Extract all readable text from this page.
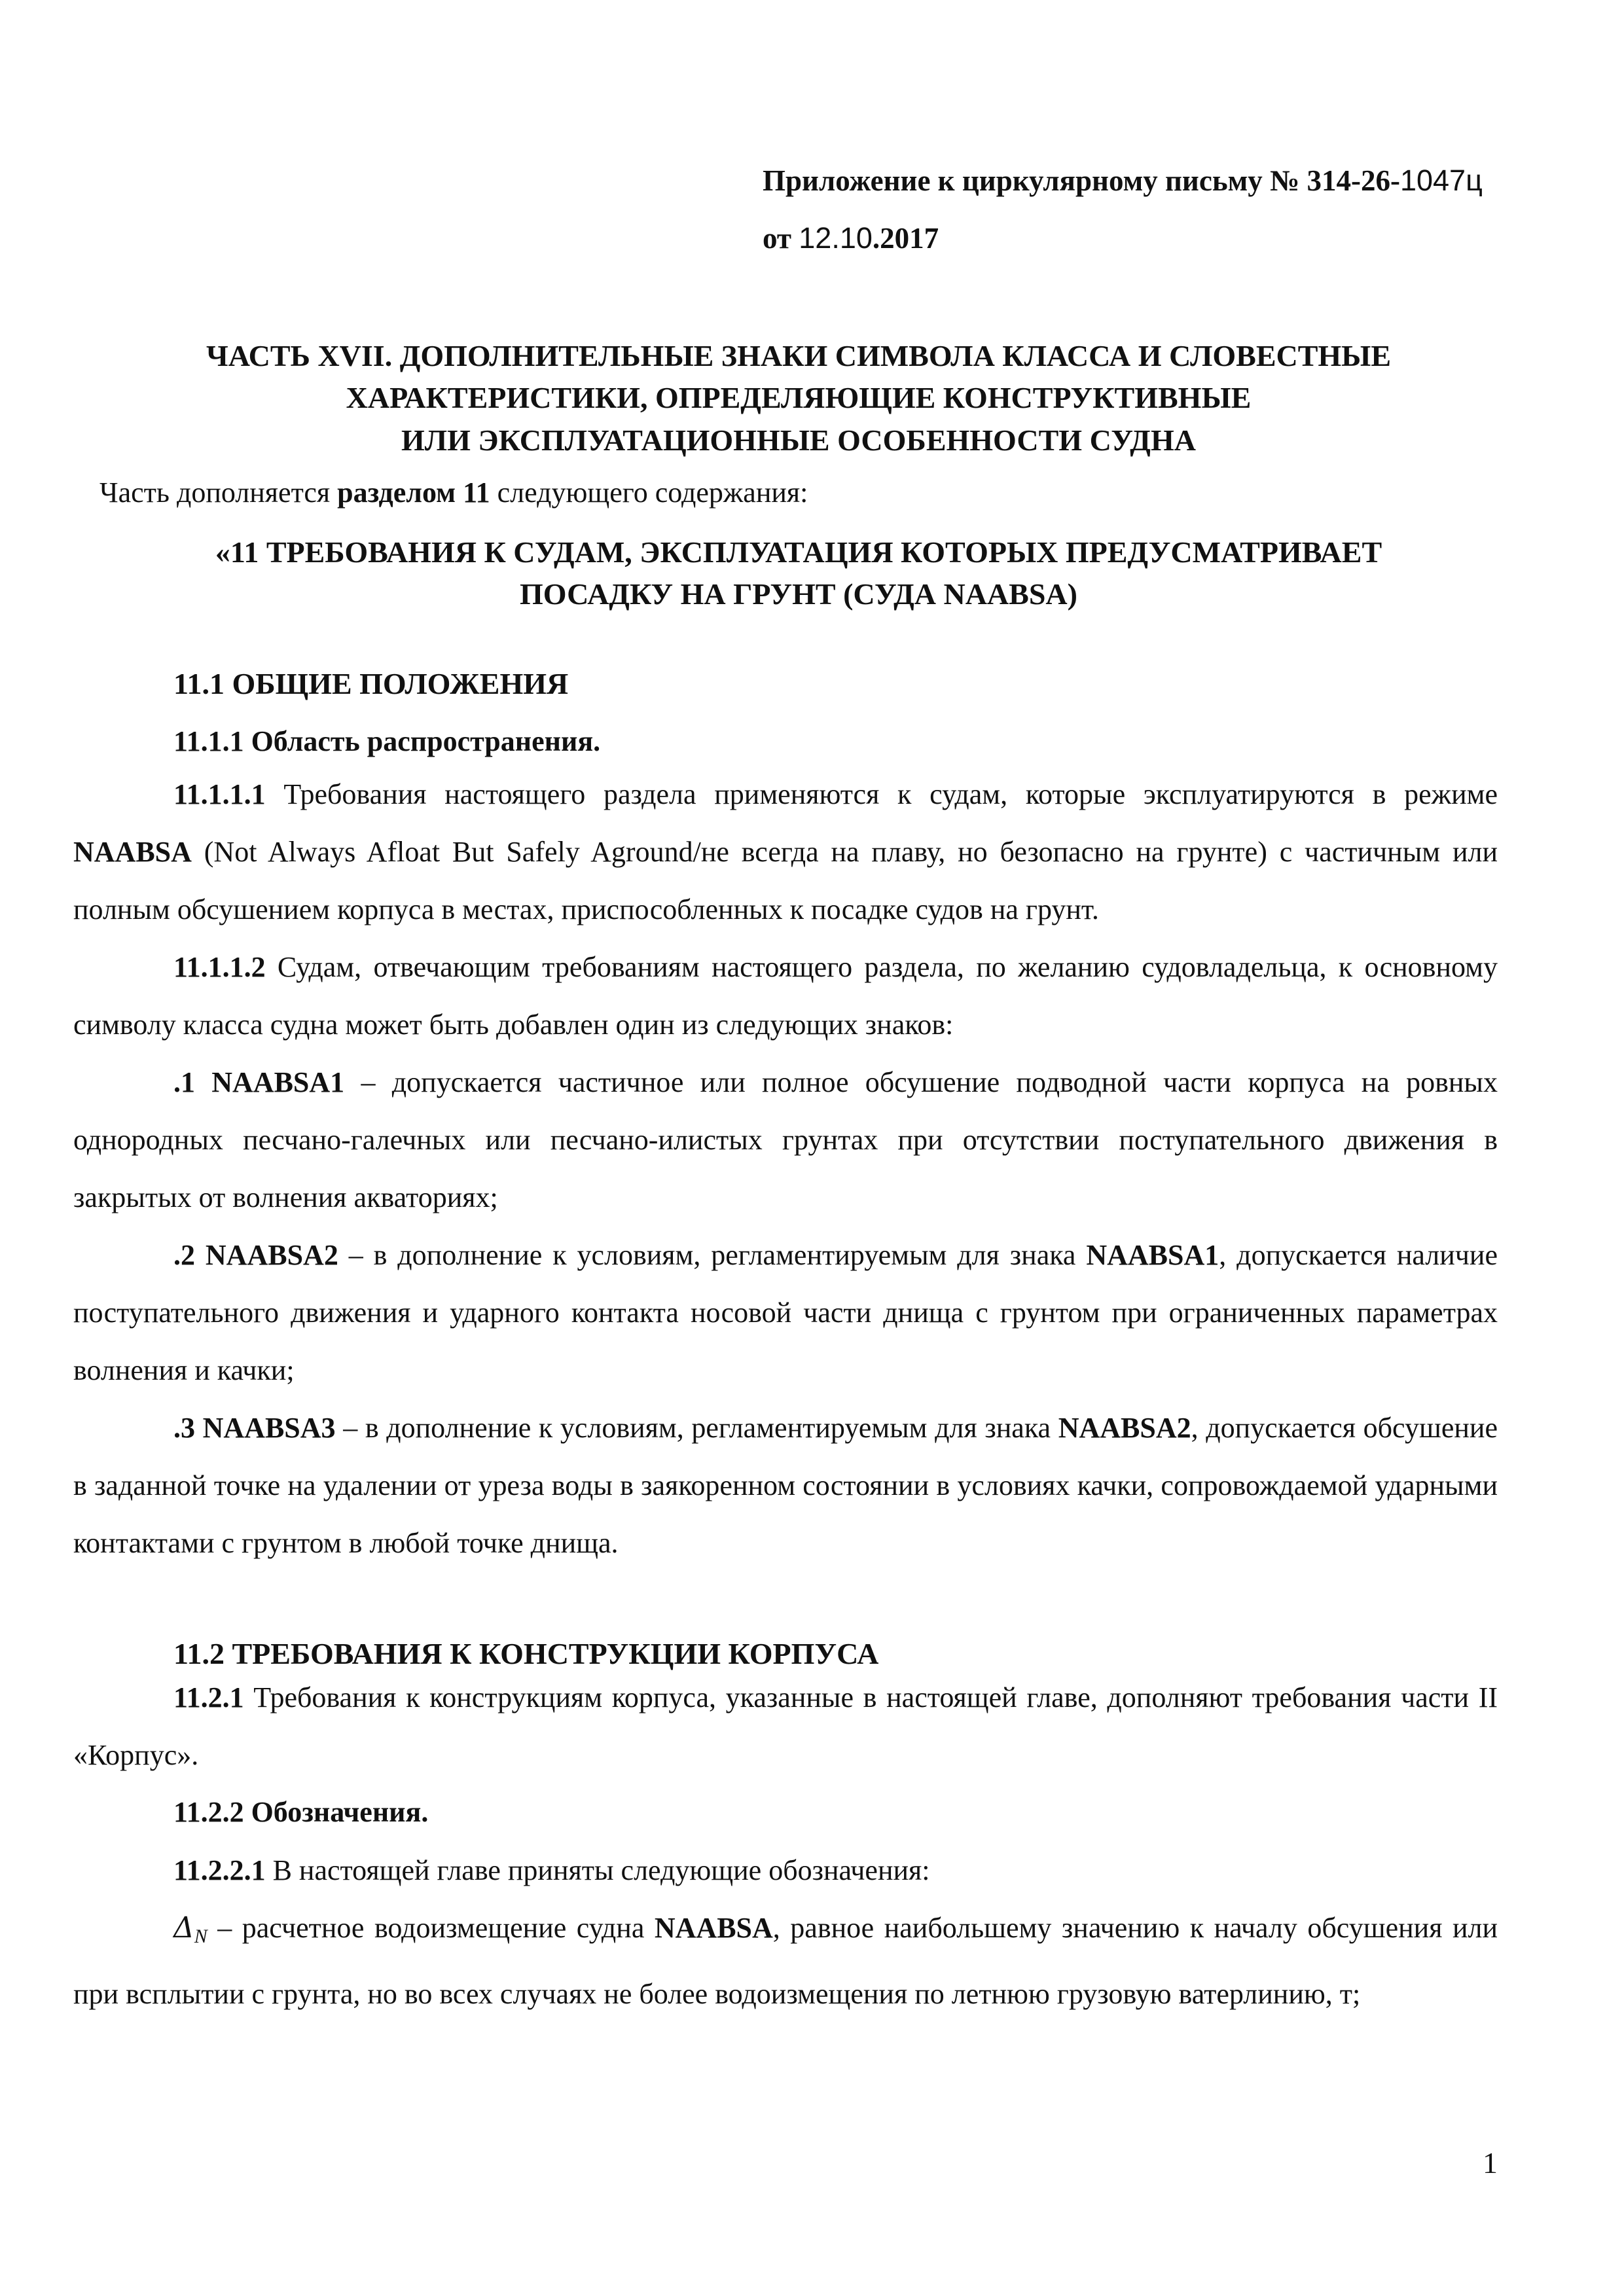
Приложение к циркулярному письму № 314-26-1047ц
от 12.10.2017
ЧАСТЬ XVII. ДОПОЛНИТЕЛЬНЫЕ ЗНАКИ СИМВОЛА КЛАССА И СЛОВЕСТНЫЕ
ХАРАКТЕРИСТИКИ, ОПРЕДЕЛЯЮЩИЕ КОНСТРУКТИВНЫЕ
ИЛИ ЭКСПЛУАТАЦИОННЫЕ ОСОБЕННОСТИ СУДНА
Часть дополняется разделом 11 следующего содержания:
«11 ТРЕБОВАНИЯ К СУДАМ, ЭКСПЛУАТАЦИЯ КОТОРЫХ ПРЕДУСМАТРИВАЕТ
ПОСАДКУ НА ГРУНТ (СУДА NAABSA)
11.1 ОБЩИЕ ПОЛОЖЕНИЯ
11.1.1 Область распространения.
11.1.1.1 Требования настоящего раздела применяются к судам, которые эксплуатируются в режиме NAABSA (Not Always Afloat But Safely Aground/не всегда на плаву, но безопасно на грунте) с частичным или полным обсушением корпуса в местах, приспособленных к посадке судов на грунт.
11.1.1.2 Судам, отвечающим требованиям настоящего раздела, по желанию судовладельца, к основному символу класса судна может быть добавлен один из следующих знаков:
.1 NAABSA1 – допускается частичное или полное обсушение подводной части корпуса на ровных однородных песчано-галечных или песчано-илистых грунтах при отсутствии поступательного движения в закрытых от волнения акваториях;
.2 NAABSA2 – в дополнение к условиям, регламентируемым для знака NAABSA1, допускается наличие поступательного движения и ударного контакта носовой части днища с грунтом при ограниченных параметрах волнения и качки;
.3 NAABSA3 – в дополнение к условиям, регламентируемым для знака NAABSA2, допускается обсушение в заданной точке на удалении от уреза воды в заякоренном состоянии в условиях качки, сопровождаемой ударными контактами с грунтом в любой точке днища.
11.2 ТРЕБОВАНИЯ К КОНСТРУКЦИИ КОРПУСА
11.2.1 Требования к конструкциям корпуса, указанные в настоящей главе, дополняют требования части II «Корпус».
11.2.2 Обозначения.
11.2.2.1 В настоящей главе приняты следующие обозначения:
$\Delta_N$ – расчетное водоизмещение судна NAABSA, равное наибольшему значению к началу обсушения или при всплытии с грунта, но во всех случаях не более водоизмещения по летнюю грузовую ватерлинию, т;
1
